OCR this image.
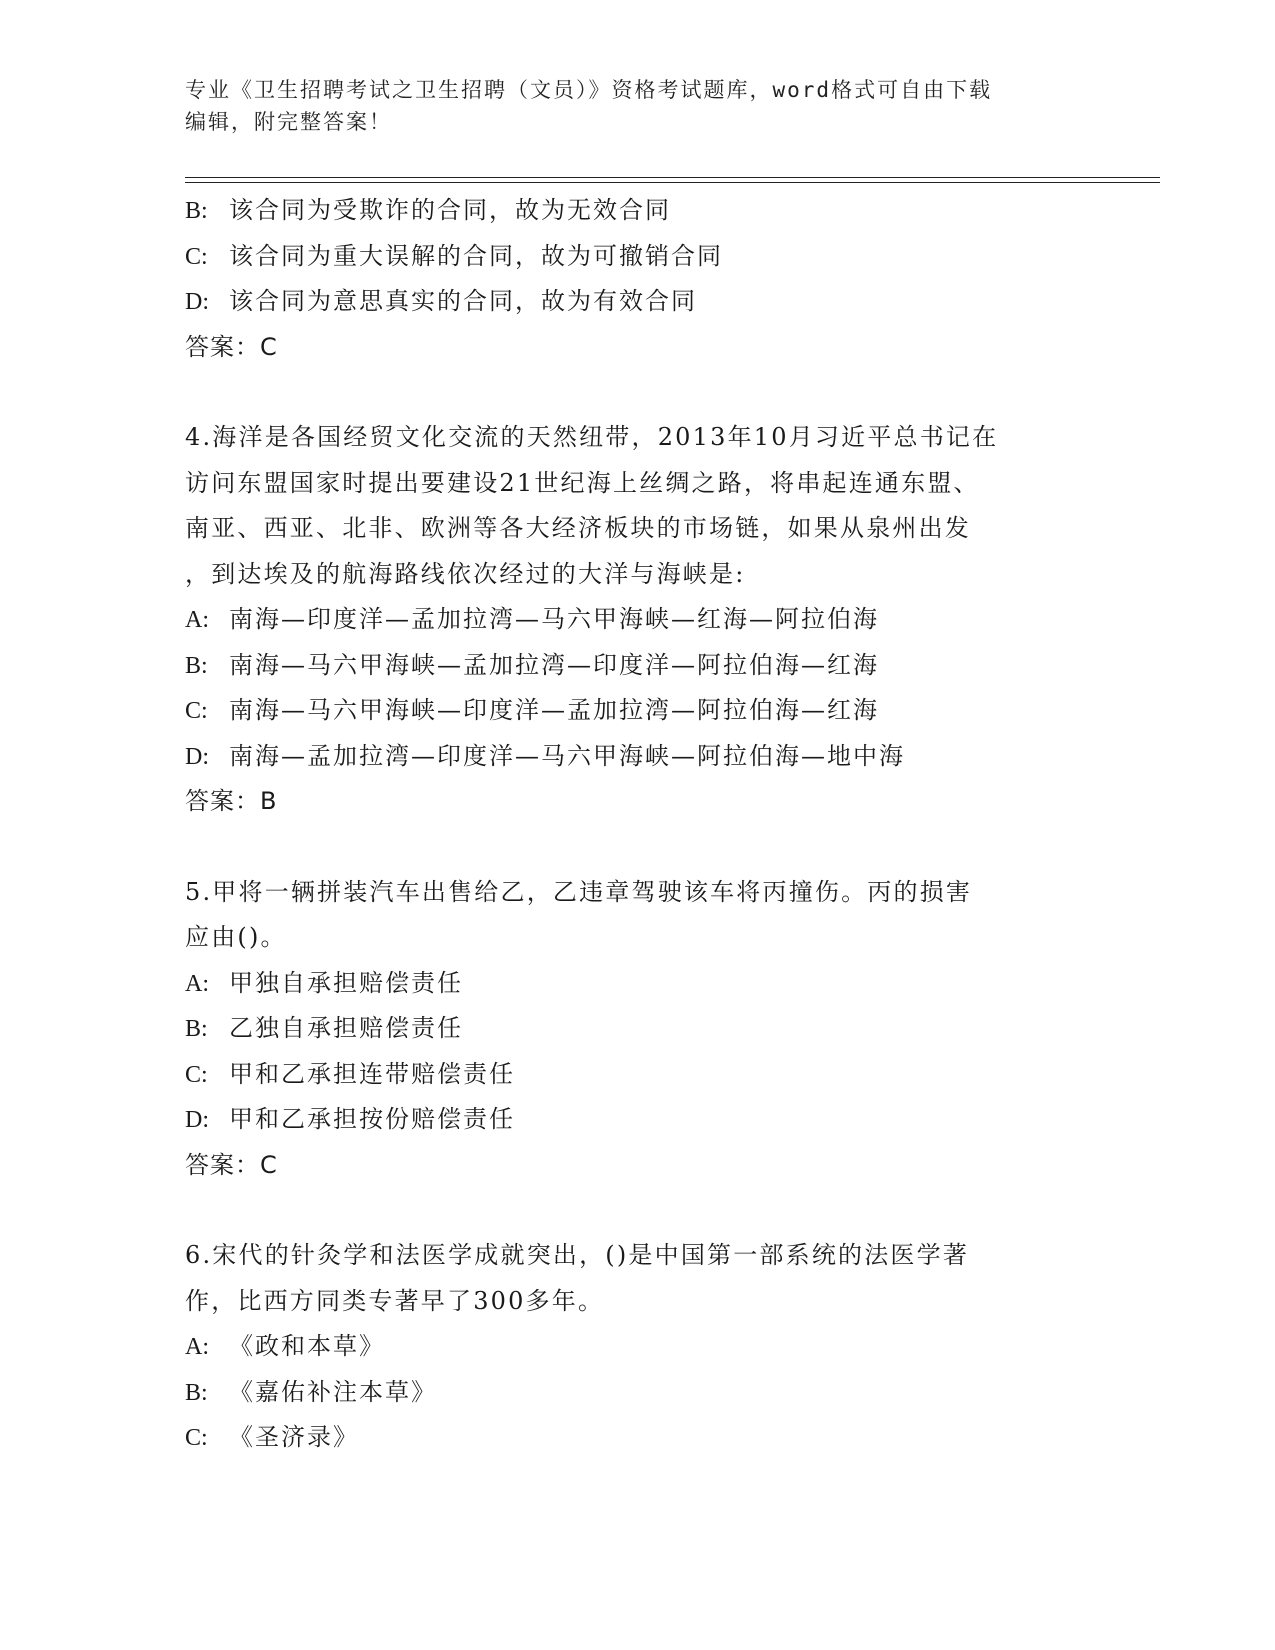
专业《卫生招聘考试之卫生招聘（文员）》资格考试题库，word格式可自由下载
编辑，附完整答案！
B: 该合同为受欺诈的合同，故为无效合同
C: 该合同为重大误解的合同，故为可撤销合同
D: 该合同为意思真实的合同，故为有效合同
答案：C
4.海洋是各国经贸文化交流的天然纽带，2013年10月习近平总书记在
访问东盟国家时提出要建设21世纪海上丝绸之路，将串起连通东盟、
南亚、西亚、北非、欧洲等各大经济板块的市场链，如果从泉州出发
，到达埃及的航海路线依次经过的大洋与海峡是:
A: 南海—印度洋—孟加拉湾—马六甲海峡—红海—阿拉伯海
B: 南海—马六甲海峡—孟加拉湾—印度洋—阿拉伯海—红海
C: 南海—马六甲海峡—印度洋—孟加拉湾—阿拉伯海—红海
D: 南海—孟加拉湾—印度洋—马六甲海峡—阿拉伯海—地中海
答案：B
5.甲将一辆拼装汽车出售给乙，乙违章驾驶该车将丙撞伤。丙的损害
应由()。
A: 甲独自承担赔偿责任
B: 乙独自承担赔偿责任
C: 甲和乙承担连带赔偿责任
D: 甲和乙承担按份赔偿责任
答案：C
6.宋代的针灸学和法医学成就突出，()是中国第一部系统的法医学著
作，比西方同类专著早了300多年。
A: 《政和本草》
B: 《嘉佑补注本草》
C: 《圣济录》
